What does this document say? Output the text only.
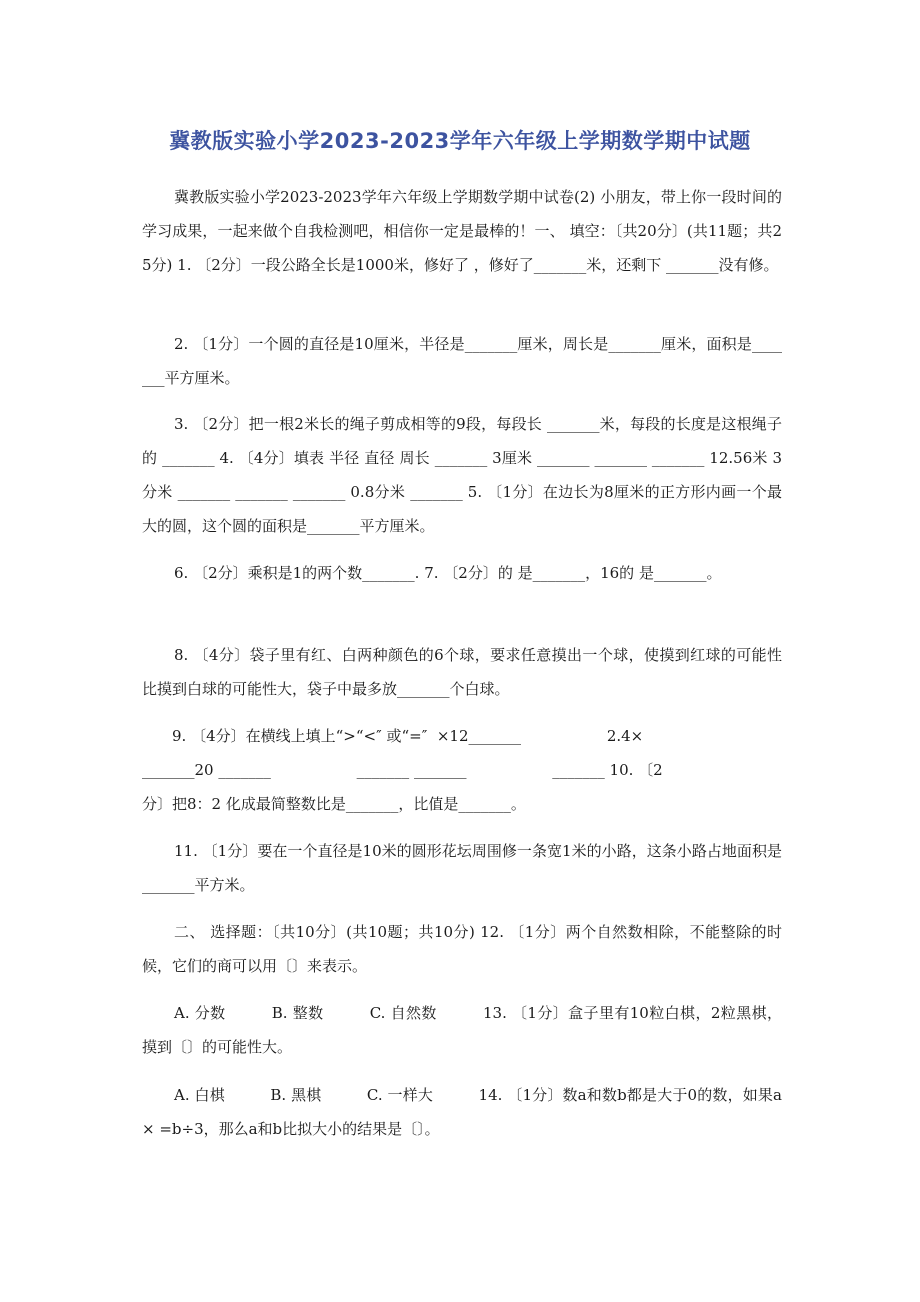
冀教版实验小学2023-2023学年六年级上学期数学期中试题
冀教版实验小学2023-2023学年六年级上学期数学期中试卷(2) 小朋友，带上你一段时间的学习成果，一起来做个自我检测吧，相信你一定是最棒的！一、 填空：〔共20分〕(共11题；共25分) 1. 〔2分〕一段公路全长是1000米，修好了 ，修好了_______米，还剩下 _______没有修。
2. 〔1分〕一个圆的直径是10厘米，半径是_______厘米，周长是_______厘米，面积是_______平方厘米。
3. 〔2分〕把一根2米长的绳子剪成相等的9段，每段长 _______米，每段的长度是这根绳子的 _______ 4. 〔4分〕填表 半径 直径 周长 _______ 3厘米 _______ _______ _______ 12.56米 3分米 _______ _______ _______ 0.8分米 _______ 5. 〔1分〕在边长为8厘米的正方形内画一个最大的圆，这个圆的面积是_______平方厘米。
6. 〔2分〕乘积是1的两个数_______. 7. 〔2分〕的 是_______，16的 是_______。
8. 〔4分〕袋子里有红、白两种颜色的6个球，要求任意摸出一个球，使摸到红球的可能性比摸到白球的可能性大，袋子中最多放_______个白球。
　　9. 〔4分〕在横线上填上“>“<″ 或“=″  ×12_______                  2.4×
_______20 _______                  _______ _______                  _______ 10. 〔2
分〕把8：2 化成最简整数比是_______，比值是_______。
11. 〔1分〕要在一个直径是10米的圆形花坛周围修一条宽1米的小路，这条小路占地面积是_______平方米。
二、 选择题：〔共10分〕(共10题；共10分) 12. 〔1分〕两个自然数相除，不能整除的时候，它们的商可以用〔〕来表示。
A. 分数　　　B. 整数　　　C. 自然数　　　13. 〔1分〕盒子里有10粒白棋，2粒黑棋，摸到〔〕的可能性大。
A. 白棋　　　B. 黑棋　　　C. 一样大　　　14. 〔1分〕数a和数b都是大于0的数，如果a× =b÷3，那么a和b比拟大小的结果是〔〕。
